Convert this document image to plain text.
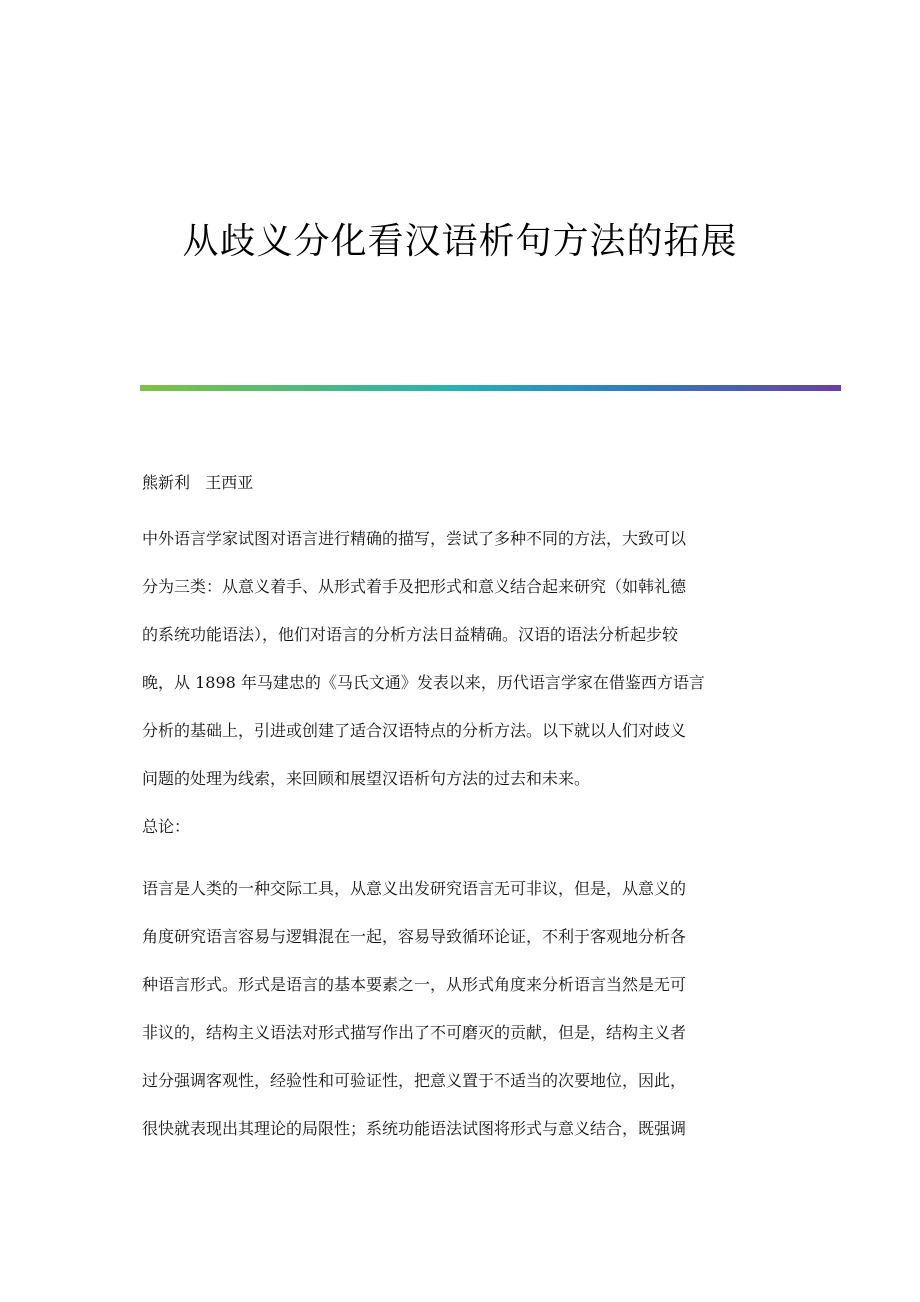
从歧义分化看汉语析句方法的拓展
熊新利   王西亚
中外语言学家试图对语言进行精确的描写，尝试了多种不同的方法，大致可以
分为三类：从意义着手、从形式着手及把形式和意义结合起来研究（如韩礼德
的系统功能语法），他们对语言的分析方法日益精确。汉语的语法分析起步较
晚，从 1898 年马建忠的《马氏文通》发表以来，历代语言学家在借鉴西方语言
分析的基础上，引进或创建了适合汉语特点的分析方法。以下就以人们对歧义
问题的处理为线索，来回顾和展望汉语析句方法的过去和未来。
总论：
语言是人类的一种交际工具，从意义出发研究语言无可非议，但是，从意义的
角度研究语言容易与逻辑混在一起，容易导致循环论证，不利于客观地分析各
种语言形式。形式是语言的基本要素之一，从形式角度来分析语言当然是无可
非议的，结构主义语法对形式描写作出了不可磨灭的贡献，但是，结构主义者
过分强调客观性，经验性和可验证性，把意义置于不适当的次要地位，因此，
很快就表现出其理论的局限性；系统功能语法试图将形式与意义结合，既强调
